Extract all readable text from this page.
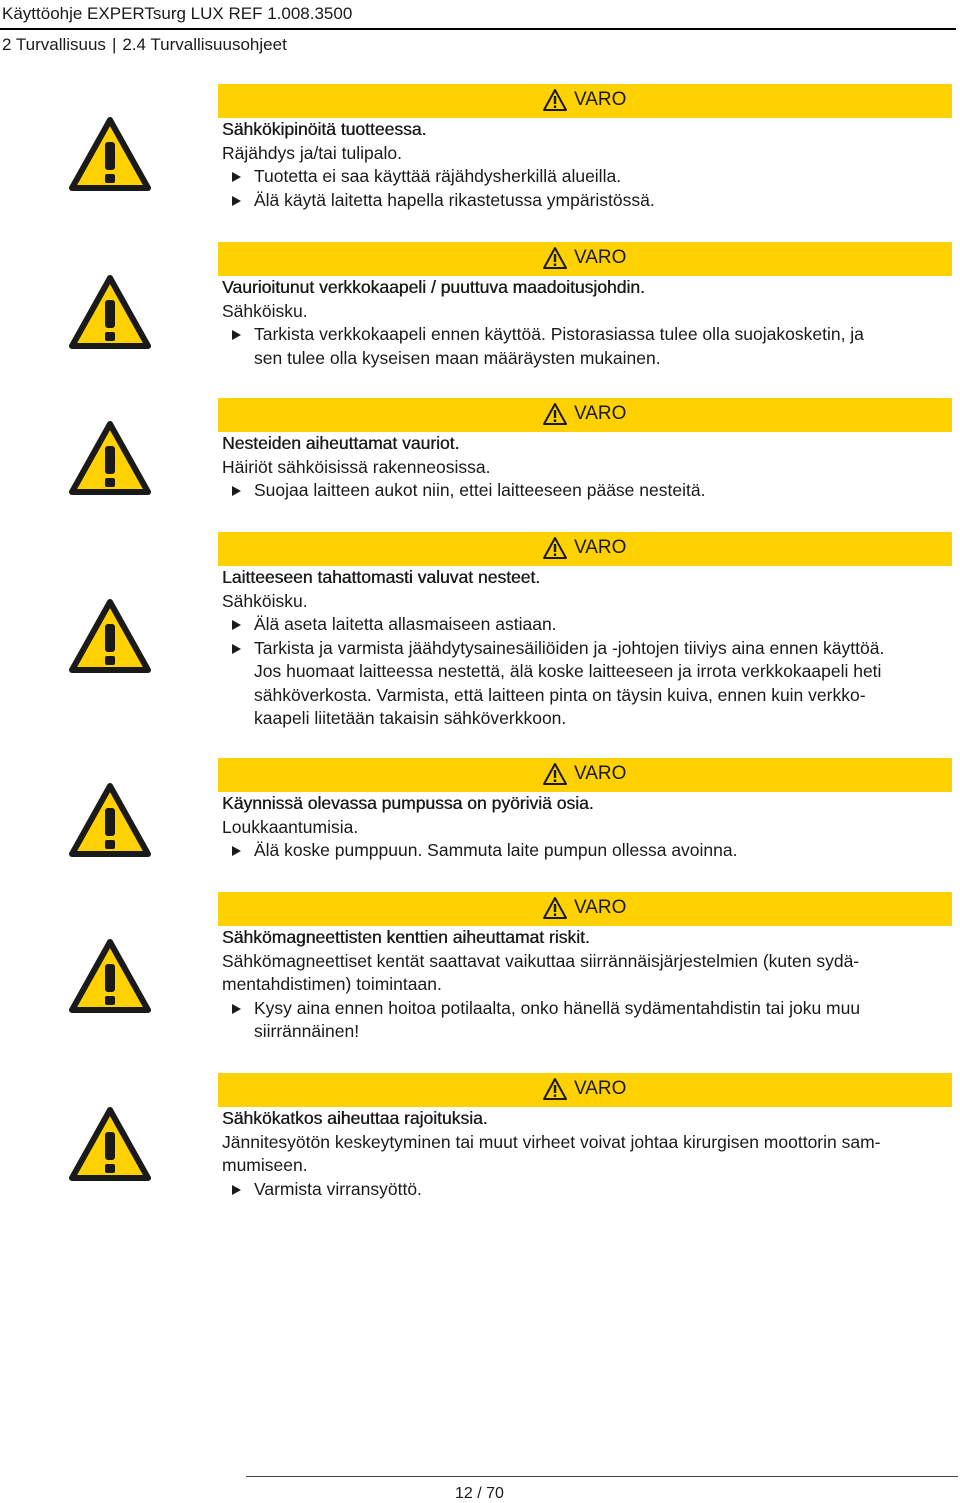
Käyttöohje EXPERTsurg LUX REF 1.008.3500
2 Turvallisuus | 2.4 Turvallisuusohjeet
VARO
Sähkökipinöitä tuotteessa.
Räjähdys ja/tai tulipalo.
Tuotetta ei saa käyttää räjähdysherkillä alueilla.
Älä käytä laitetta hapella rikastetussa ympäristössä.
VARO
Vaurioitunut verkkokaapeli / puuttuva maadoitusjohdin.
Sähköisku.
Tarkista verkkokaapeli ennen käyttöä. Pistorasiassa tulee olla suojakosketin, ja
sen tulee olla kyseisen maan määräysten mukainen.
VARO
Nesteiden aiheuttamat vauriot.
Häiriöt sähköisissä rakenneosissa.
Suojaa laitteen aukot niin, ettei laitteeseen pääse nesteitä.
VARO
Laitteeseen tahattomasti valuvat nesteet.
Sähköisku.
Älä aseta laitetta allasmaiseen astiaan.
Tarkista ja varmista jäähdytysainesäiliöiden ja -johtojen tiiviys aina ennen käyttöä.
Jos huomaat laitteessa nestettä, älä koske laitteeseen ja irrota verkkokaapeli heti
sähköverkosta. Varmista, että laitteen pinta on täysin kuiva, ennen kuin verkko-
kaapeli liitetään takaisin sähköverkkoon.
VARO
Käynnissä olevassa pumpussa on pyöriviä osia.
Loukkaantumisia.
Älä koske pumppuun. Sammuta laite pumpun ollessa avoinna.
VARO
Sähkömagneettisten kenttien aiheuttamat riskit.
Sähkömagneettiset kentät saattavat vaikuttaa siirrännäisjärjestelmien (kuten sydä-
mentahdistimen) toimintaan.
Kysy aina ennen hoitoa potilaalta, onko hänellä sydämentahdistin tai joku muu
siirrännäinen!
VARO
Sähkökatkos aiheuttaa rajoituksia.
Jännitesyötön keskeytyminen tai muut virheet voivat johtaa kirurgisen moottorin sam-
mumiseen.
Varmista virransyöttö.
12 / 70
